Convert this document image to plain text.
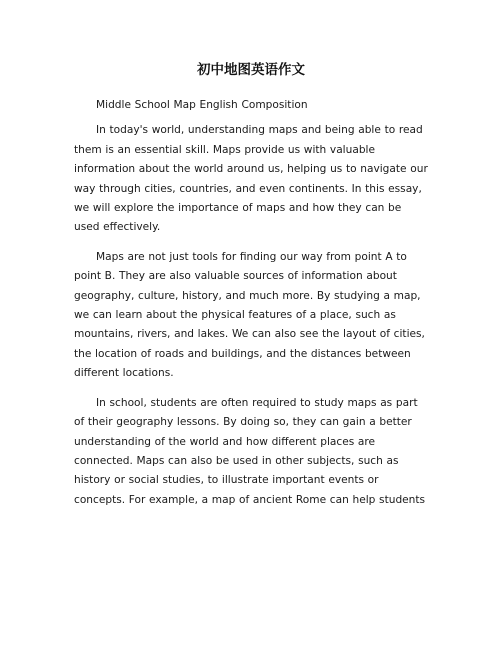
初中地图英语作文

Middle School Map English Composition

In today's world, understanding maps and being able to read them is an essential skill. Maps provide us with valuable information about the world around us, helping us to navigate our way through cities, countries, and even continents. In this essay, we will explore the importance of maps and how they can be used effectively.

Maps are not just tools for finding our way from point A to point B. They are also valuable sources of information about geography, culture, history, and much more. By studying a map, we can learn about the physical features of a place, such as mountains, rivers, and lakes. We can also see the layout of cities, the location of roads and buildings, and the distances between different locations.

In school, students are often required to study maps as part of their geography lessons. By doing so, they can gain a better understanding of the world and how different places are connected. Maps can also be used in other subjects, such as history or social studies, to illustrate important events or concepts. For example, a map of ancient Rome can help students
